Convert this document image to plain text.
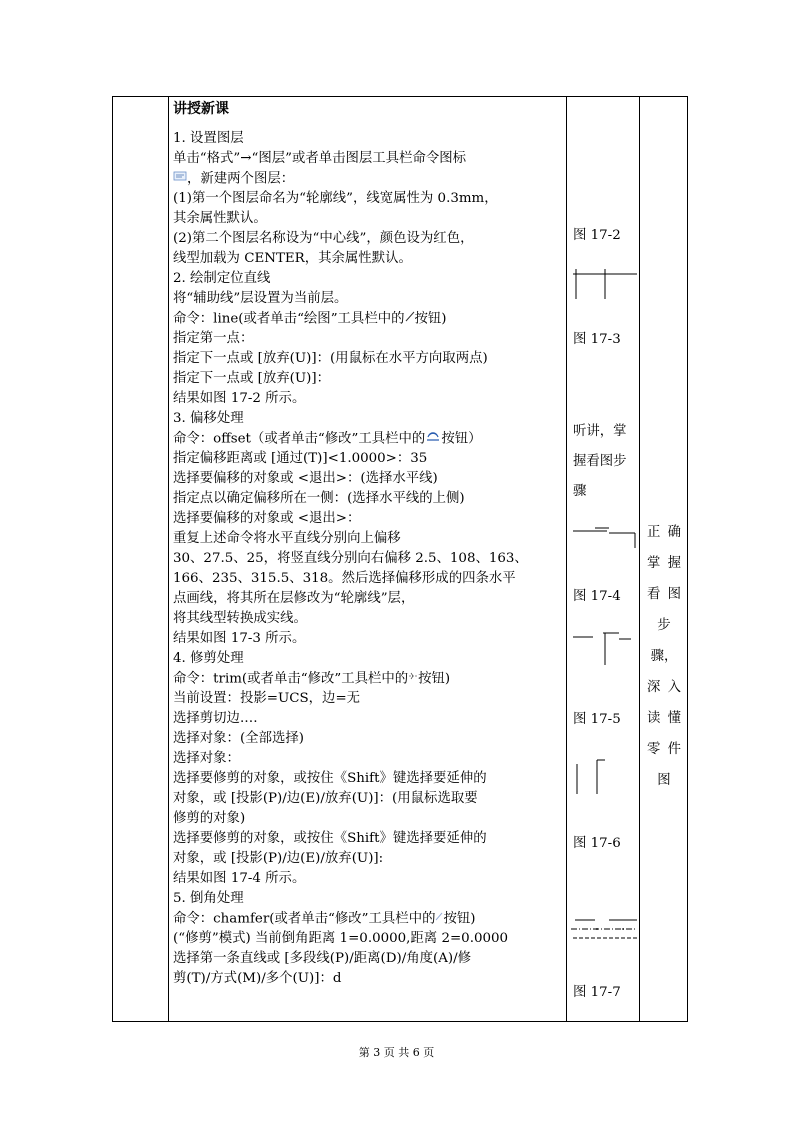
讲授新课
1. 设置图层
单击“格式”→“图层”或者单击图层工具栏命令图标
，新建两个图层：
(1)第一个图层命名为“轮廓线”，线宽属性为 0.3mm，
其余属性默认。
(2)第二个图层名称设为“中心线”，颜色设为红色，
线型加载为 CENTER，其余属性默认。
2. 绘制定位直线
将“辅助线”层设置为当前层。
命令：line(或者单击“绘图”工具栏中的 按钮)
指定第一点：
指定下一点或 [放弃(U)]：(用鼠标在水平方向取两点)
指定下一点或 [放弃(U)]：
结果如图 17-2 所示。
3. 偏移处理
命令：offset（或者单击“修改”工具栏中的 按钮）
指定偏移距离或 [通过(T)]<1.0000>：35
选择要偏移的对象或 <退出>：(选择水平线)
指定点以确定偏移所在一侧：(选择水平线的上侧)
选择要偏移的对象或 <退出>：
重复上述命令将水平直线分别向上偏移
30、27.5、25，将竖直线分别向右偏移 2.5、108、163、
166、235、315.5、318。然后选择偏移形成的四条水平
点画线，将其所在层修改为“轮廓线”层，
将其线型转换成实线。
结果如图 17-3 所示。
4. 修剪处理
命令：trim(或者单击“修改”工具栏中的 按钮)
当前设置：投影=UCS，边=无
选择剪切边.…
选择对象：(全部选择)
选择对象：
选择要修剪的对象，或按住《Shift》键选择要延伸的
对象，或 [投影(P)/边(E)/放弃(U)]：(用鼠标选取要
修剪的对象)
选择要修剪的对象，或按住《Shift》键选择要延伸的
对象，或 [投影(P)/边(E)/放弃(U)]:
结果如图 17-4 所示。
5. 倒角处理
命令：chamfer(或者单击“修改”工具栏中的 按钮)
(“修剪”模式) 当前倒角距离 1=0.0000,距离 2=0.0000
选择第一条直线或 [多段线(P)/距离(D)/角度(A)/修
剪(T)/方式(M)/多个(U)]：d
图 17-2
图 17-3
听讲，掌
握看图步
骤
图 17-4
图 17-5
图 17-6
图 17-7
正 确
掌 握
看 图
步
骤，
深 入
读 懂
零 件
图
第 3 页 共 6 页
